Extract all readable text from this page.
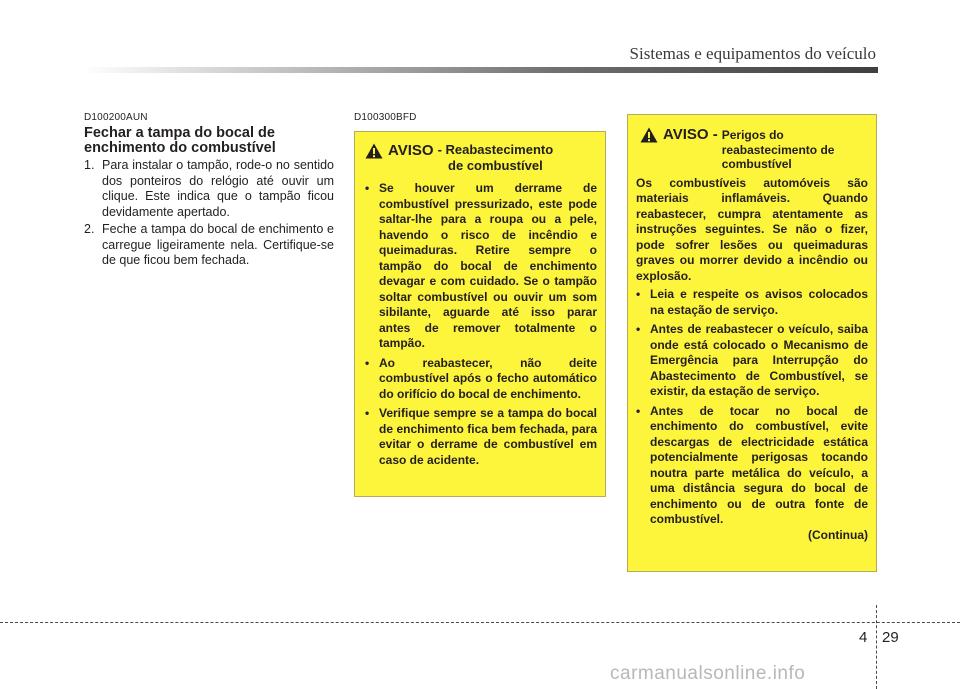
Sistemas e equipamentos do veículo
D100200AUN
Fechar a tampa do bocal de enchimento do combustível
1. Para instalar o tampão, rode-o no sentido dos ponteiros do relógio até ouvir um clique. Este indica que o tampão ficou devidamente apertado.
2. Feche a tampa do bocal de enchimento e carregue ligeiramente nela. Certifique-se de que ficou bem fechada.
D100300BFD
AVISO - Reabastecimento
de combustível
• Se houver um derrame de combustível pressurizado, este pode saltar-lhe para a roupa ou a pele, havendo o risco de incêndio e queimaduras. Retire sempre o tampão do bocal de enchimento devagar e com cuidado. Se o tampão soltar combustível ou ouvir um som sibilante, aguarde até isso parar antes de remover totalmente o tampão.
• Ao reabastecer, não deite combustível após o fecho automático do orifício do bocal de enchimento.
• Verifique sempre se a tampa do bocal de enchimento fica bem fechada, para evitar o derrame de combustível em caso de acidente.
AVISO - Perigos do
reabastecimento de
combustível
Os combustíveis automóveis são materiais inflamáveis. Quando reabastecer, cumpra atentamente as instruções seguintes. Se não o fizer, pode sofrer lesões ou queimaduras graves ou morrer devido a incêndio ou explosão.
• Leia e respeite os avisos colocados na estação de serviço.
• Antes de reabastecer o veículo, saiba onde está colocado o Mecanismo de Emergência para Interrupção do Abastecimento de Combustível, se existir, da estação de serviço.
• Antes de tocar no bocal de enchimento do combustível, evite descargas de electricidade estática potencialmente perigosas tocando noutra parte metálica do veículo, a uma distância segura do bocal de enchimento ou de outra fonte de combustível.
(Continua)
4 29
carmanualsonline.info
